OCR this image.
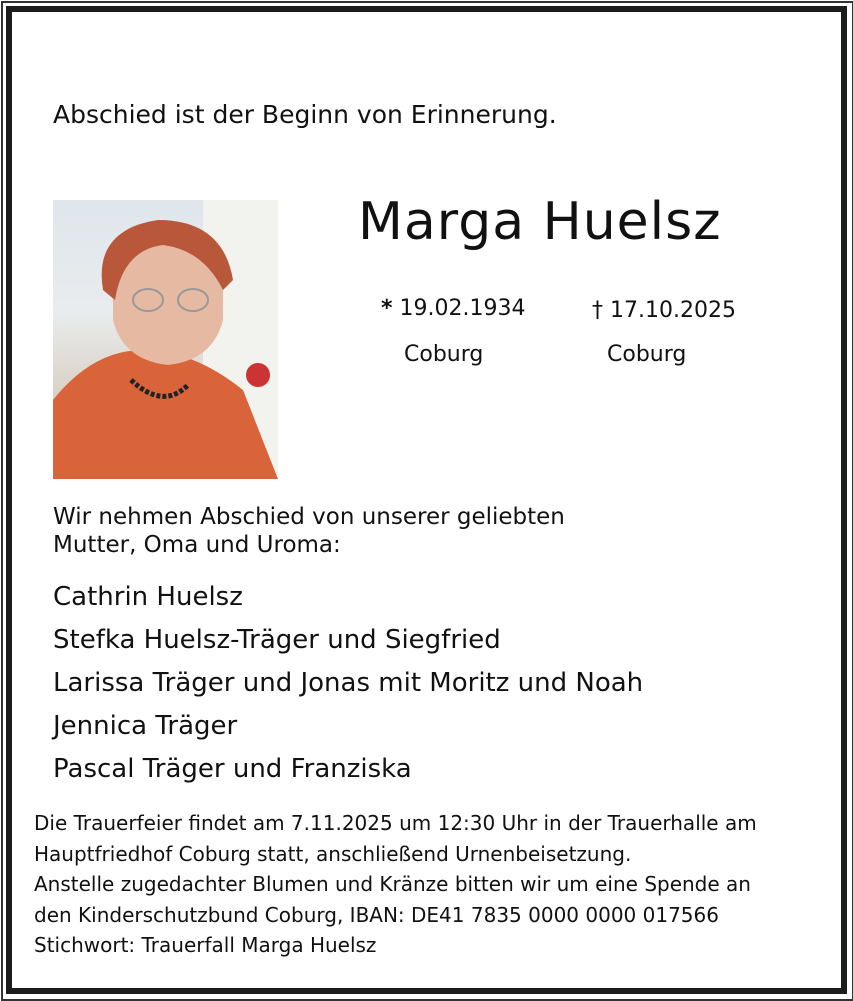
Abschied ist der Beginn von Erinnerung.
Marga Huelsz
* 19.02.1934
Coburg
† 17.10.2025
Coburg
Wir nehmen Abschied von unserer geliebten
Mutter, Oma und Uroma:
Cathrin Huelsz
Stefka Huelsz-Träger und Siegfried
Larissa Träger und Jonas mit Moritz und Noah
Jennica Träger
Pascal Träger und Franziska
Die Trauerfeier findet am 7.11.2025 um 12:30 Uhr in der Trauerhalle am
Hauptfriedhof Coburg statt, anschließend Urnenbeisetzung.
Anstelle zugedachter Blumen und Kränze bitten wir um eine Spende an
den Kinderschutzbund Coburg, IBAN: DE41 7835 0000 0000 017566
Stichwort: Trauerfall Marga Huelsz
